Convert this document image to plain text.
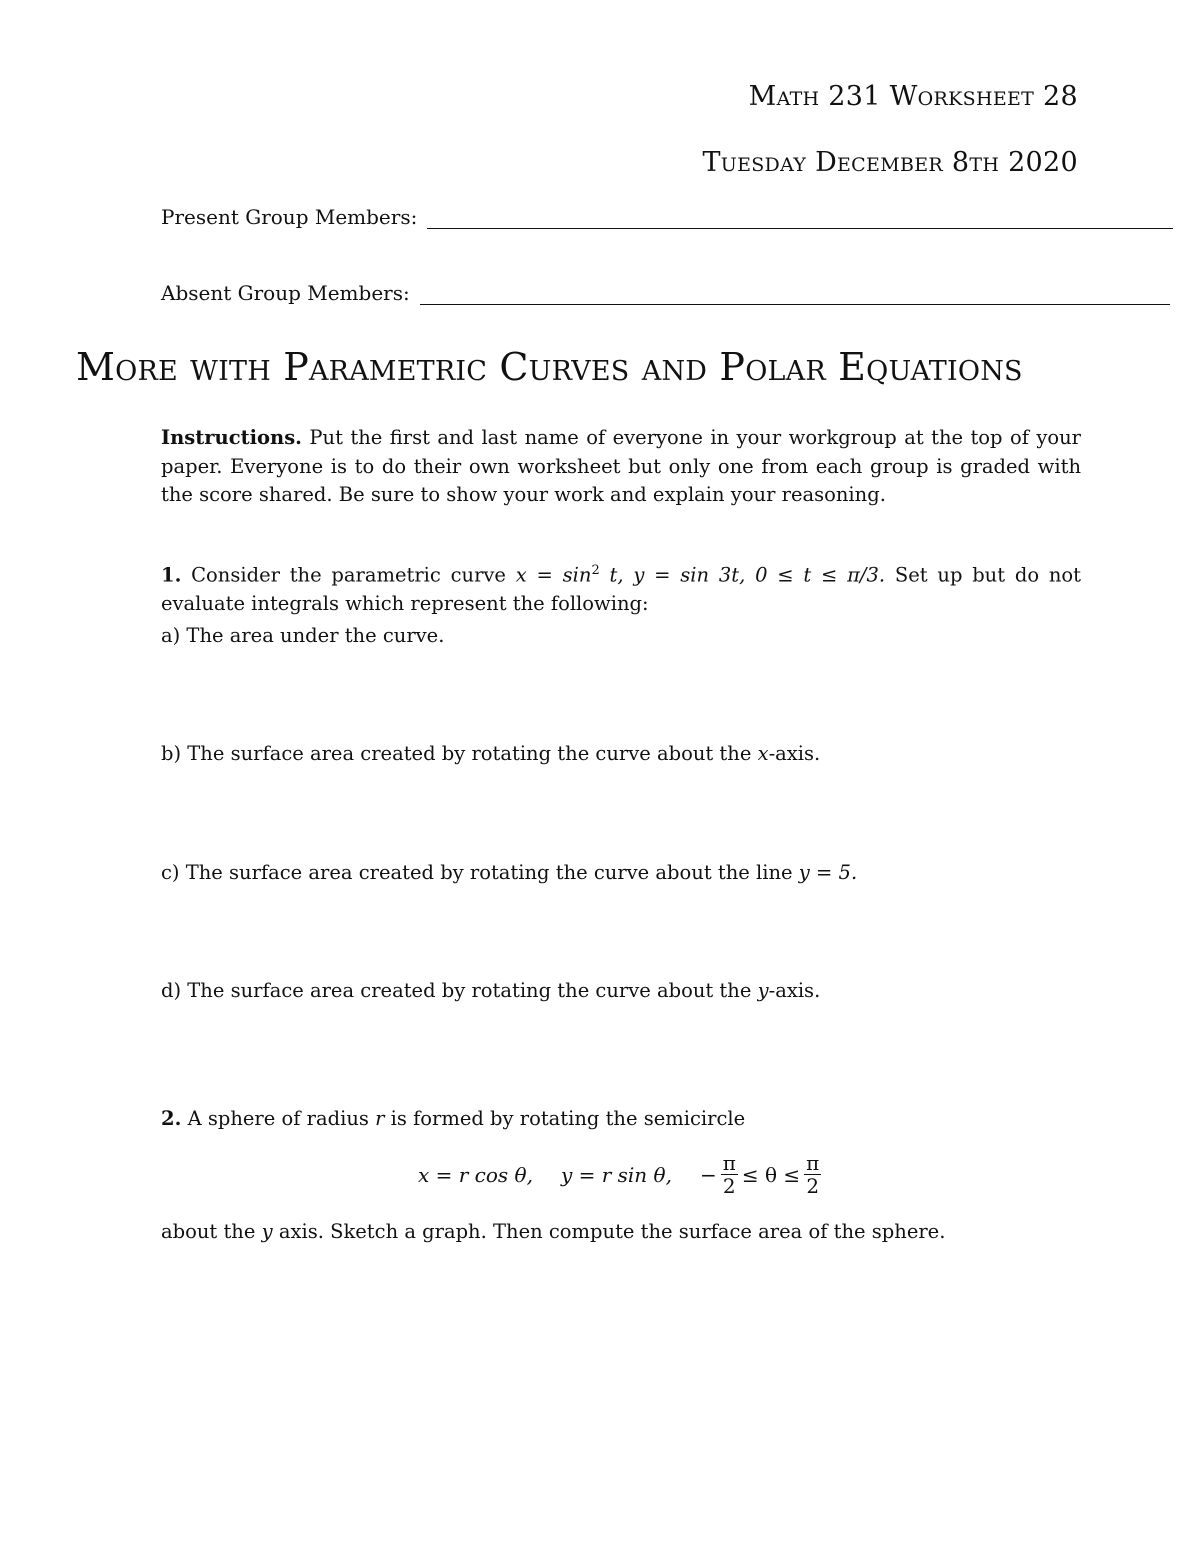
Math 231 Worksheet 28
Tuesday December 8th 2020
Present Group Members:
Absent Group Members:
More with Parametric Curves and Polar Equations
Instructions. Put the first and last name of everyone in your workgroup at the top of your paper. Everyone is to do their own worksheet but only one from each group is graded with the score shared. Be sure to show your work and explain your reasoning.
1. Consider the parametric curve $x = \sin^2 t$, y = sin 3t, 0 ≤ t ≤ π/3. Set up but do not evaluate integrals which represent the following:
a) The area under the curve.
b) The surface area created by rotating the curve about the x-axis.
c) The surface area created by rotating the curve about the line y = 5.
d) The surface area created by rotating the curve about the y-axis.
2. A sphere of radius r is formed by rotating the semicircle
x = r cos θ, y = r sin θ, − $\frac{\pi}{2} \le \theta \le \frac{\pi}{2}$
about the y axis. Sketch a graph. Then compute the surface area of the sphere.
